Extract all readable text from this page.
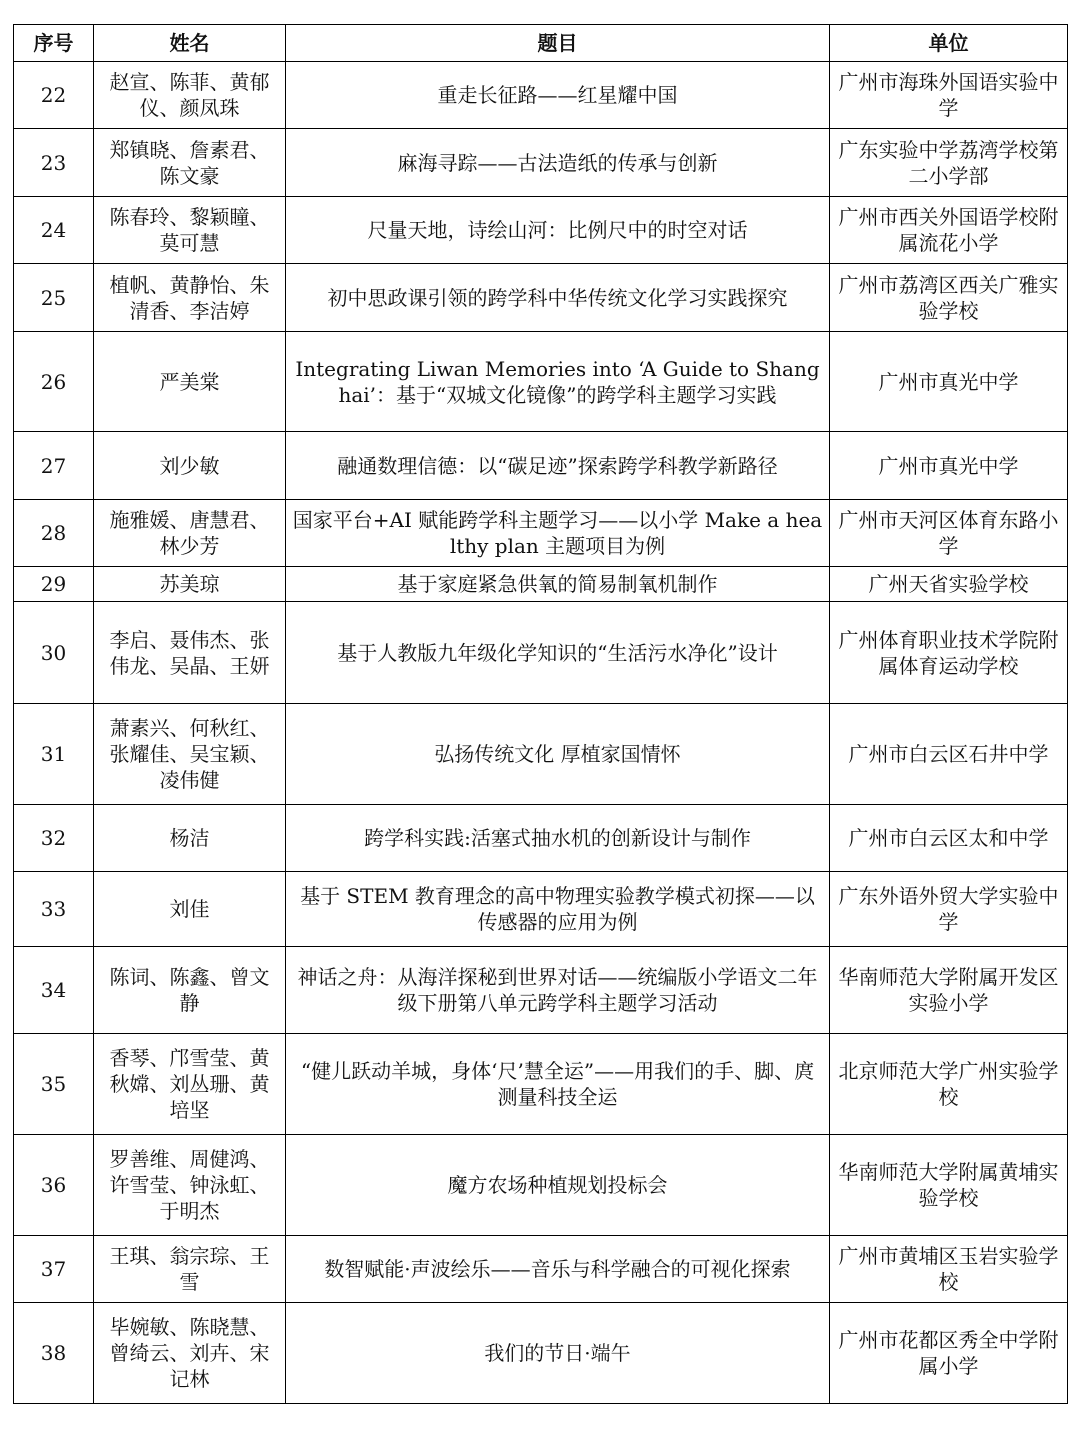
序号	姓名	题目	单位
22	赵宣、陈菲、黄郁仪、颜凤珠	重走长征路——红星耀中国	广州市海珠外国语实验中学
23	郑镇晓、詹素君、陈文豪	麻海寻踪——古法造纸的传承与创新	广东实验中学荔湾学校第二小学部
24	陈春玲、黎颖瞳、莫可慧	尺量天地，诗绘山河：比例尺中的时空对话	广州市西关外国语学校附属流花小学
25	植帆、黄静怡、朱清香、李洁婷	初中思政课引领的跨学科中华传统文化学习实践探究	广州市荔湾区西关广雅实验学校
26	严美棠	Integrating Liwan Memories into ‘A Guide to Shanghai’：基于“双城文化镜像”的跨学科主题学习实践	广州市真光中学
27	刘少敏	融通数理信德：以“碳足迹”探索跨学科教学新路径	广州市真光中学
28	施雅媛、唐慧君、林少芳	国家平台+AI 赋能跨学科主题学习——以小学 Make a healthy plan 主题项目为例	广州市天河区体育东路小学
29	苏美琼	基于家庭紧急供氧的简易制氧机制作	广州天省实验学校
30	李启、聂伟杰、张伟龙、吴晶、王妍	基于人教版九年级化学知识的“生活污水净化”设计	广州体育职业技术学院附属体育运动学校
31	萧素兴、何秋红、张耀佳、吴宝颖、凌伟健	弘扬传统文化 厚植家国情怀	广州市白云区石井中学
32	杨洁	跨学科实践:活塞式抽水机的创新设计与制作	广州市白云区太和中学
33	刘佳	基于 STEM 教育理念的高中物理实验教学模式初探——以传感器的应用为例	广东外语外贸大学实验中学
34	陈词、陈鑫、曾文静	神话之舟：从海洋探秘到世界对话——统编版小学语文二年级下册第八单元跨学科主题学习活动	华南师范大学附属开发区实验小学
35	香琴、邝雪莹、黄秋嫦、刘丛珊、黄培坚	“健儿跃动羊城，身体‘尺’慧全运”——用我们的手、脚、庹测量科技全运	北京师范大学广州实验学校
36	罗善维、周健鸿、许雪莹、钟泳虹、于明杰	魔方农场种植规划投标会	华南师范大学附属黄埔实验学校
37	王琪、翁宗琮、王雪	数智赋能·声波绘乐——音乐与科学融合的可视化探索	广州市黄埔区玉岩实验学校
38	毕婉敏、陈晓慧、曾绮云、刘卉、宋记林	我们的节日·端午	广州市花都区秀全中学附属小学
